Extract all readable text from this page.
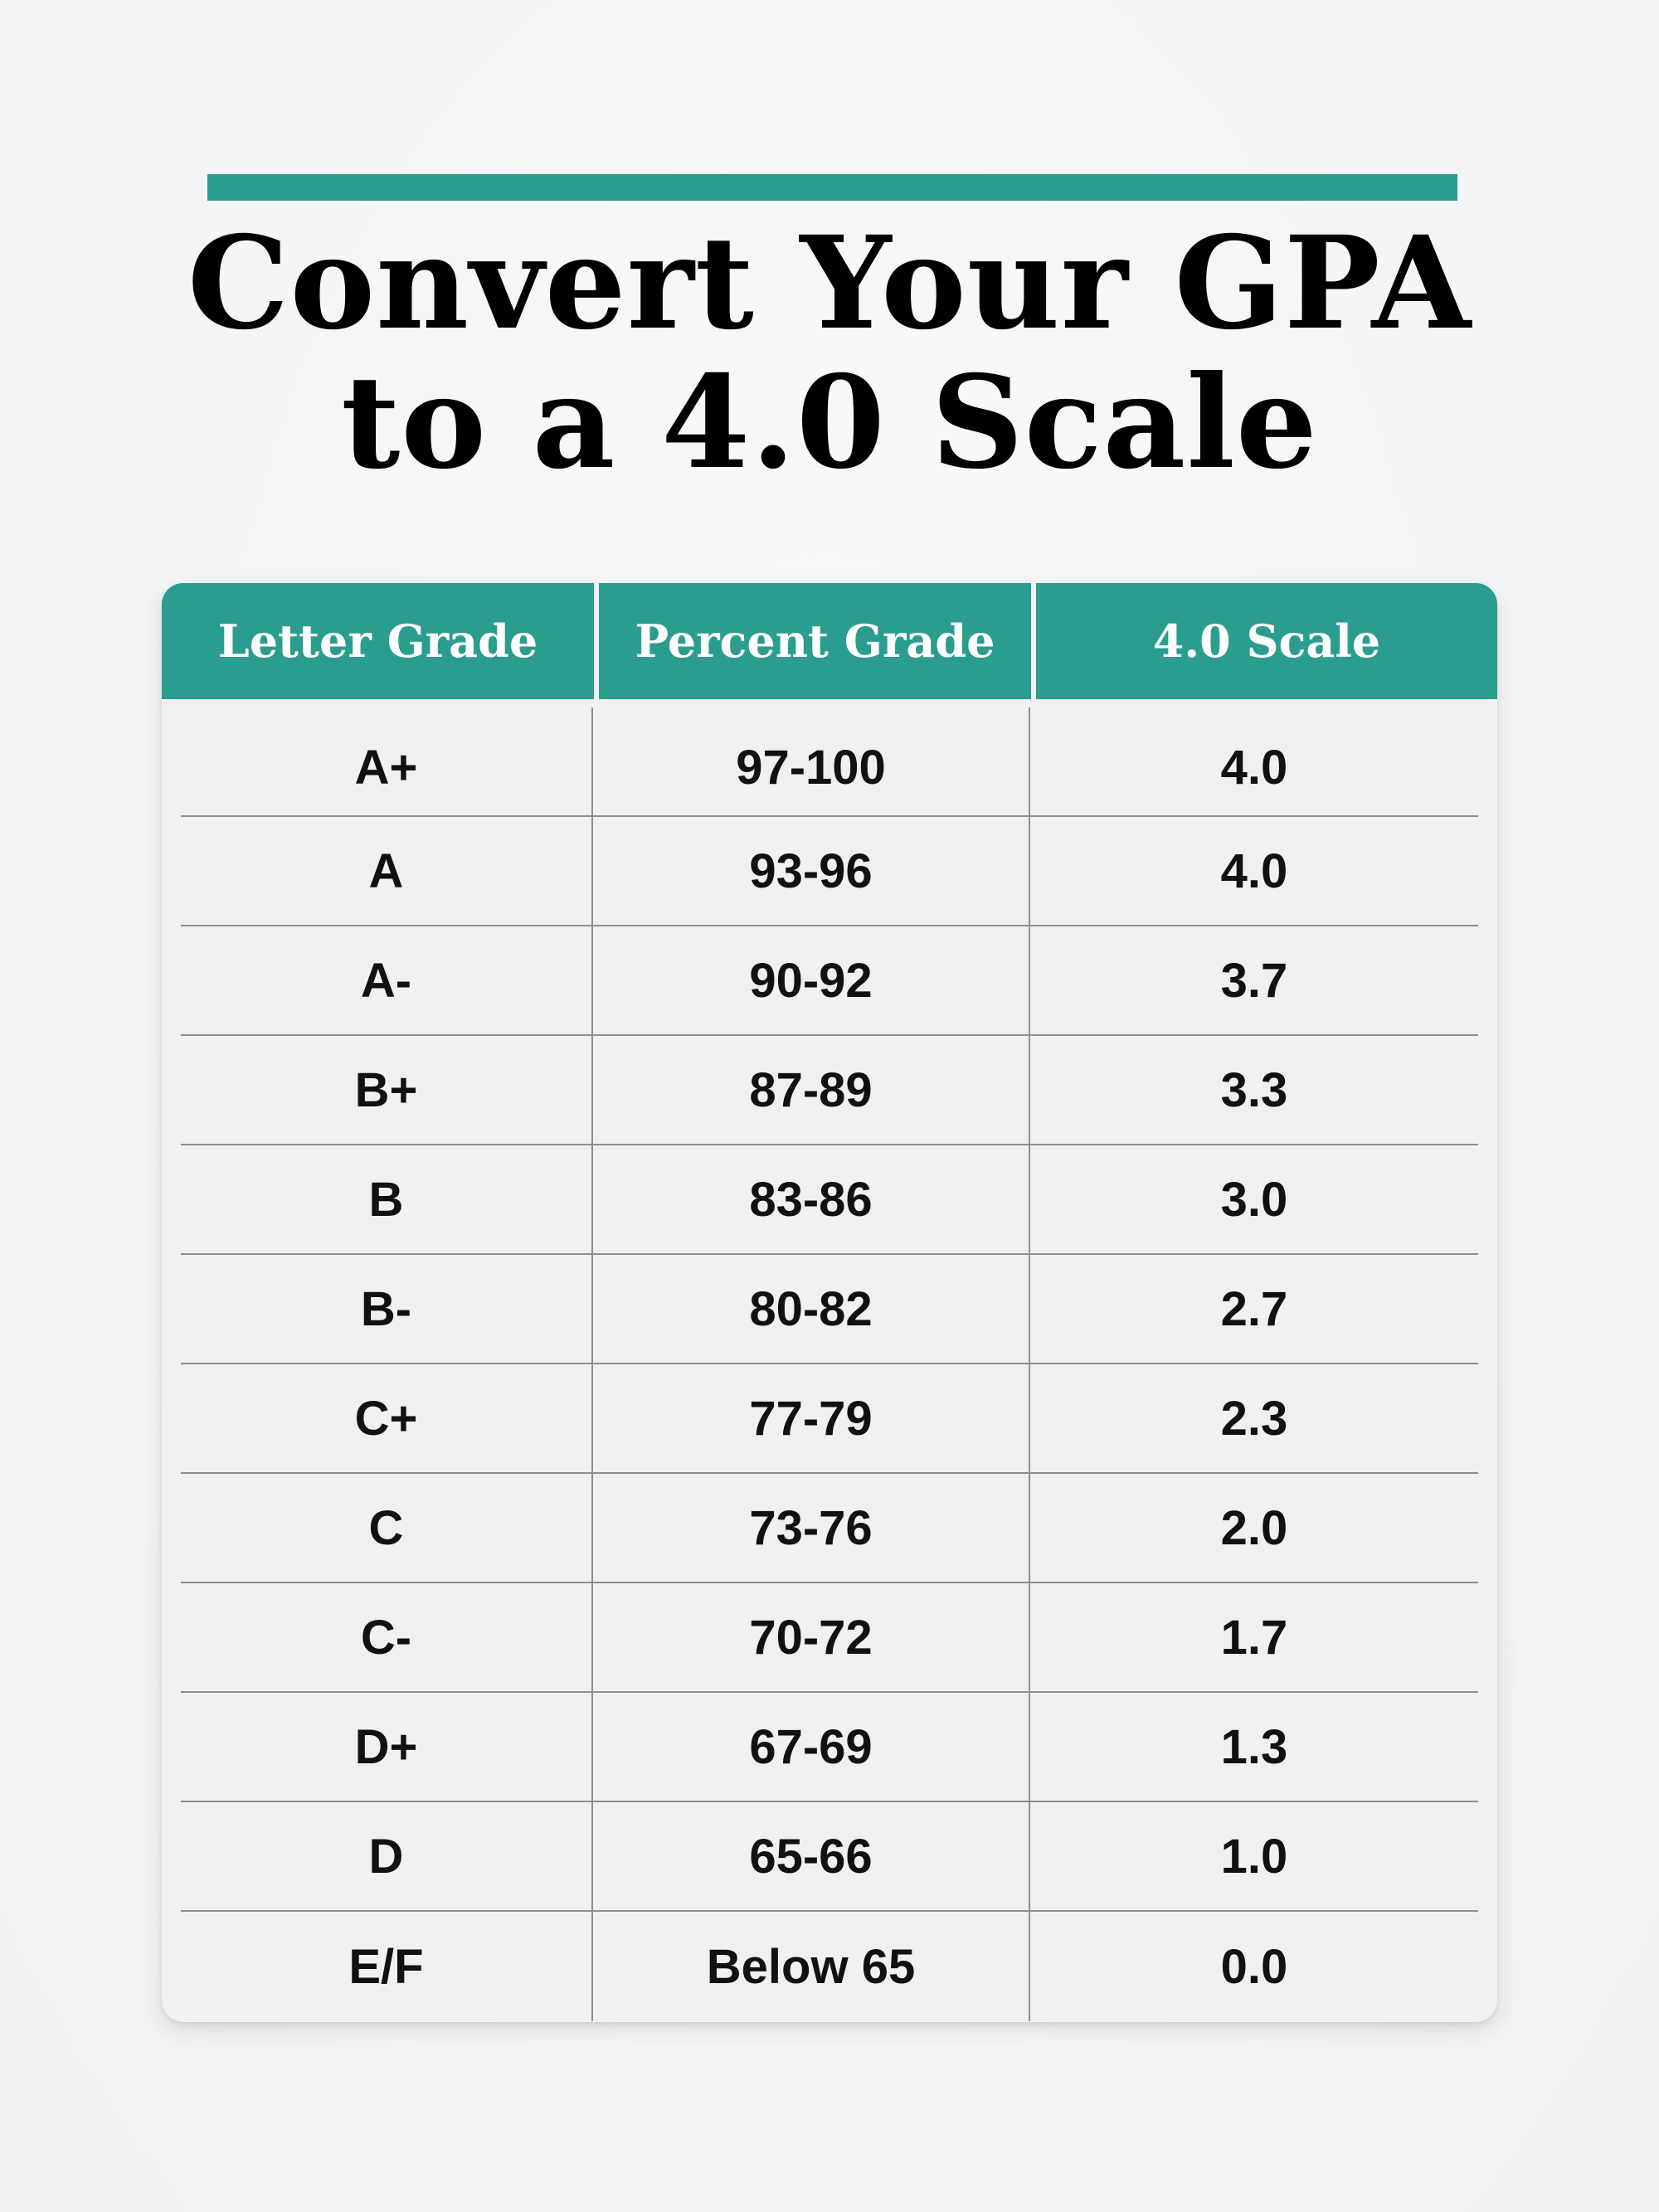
Convert Your GPA
to a 4.0 Scale
Letter Grade	Percent Grade	4.0 Scale
A+	97-100	4.0
A	93-96	4.0
A-	90-92	3.7
B+	87-89	3.3
B	83-86	3.0
B-	80-82	2.7
C+	77-79	2.3
C	73-76	2.0
C-	70-72	1.7
D+	67-69	1.3
D	65-66	1.0
E/F	Below 65	0.0
